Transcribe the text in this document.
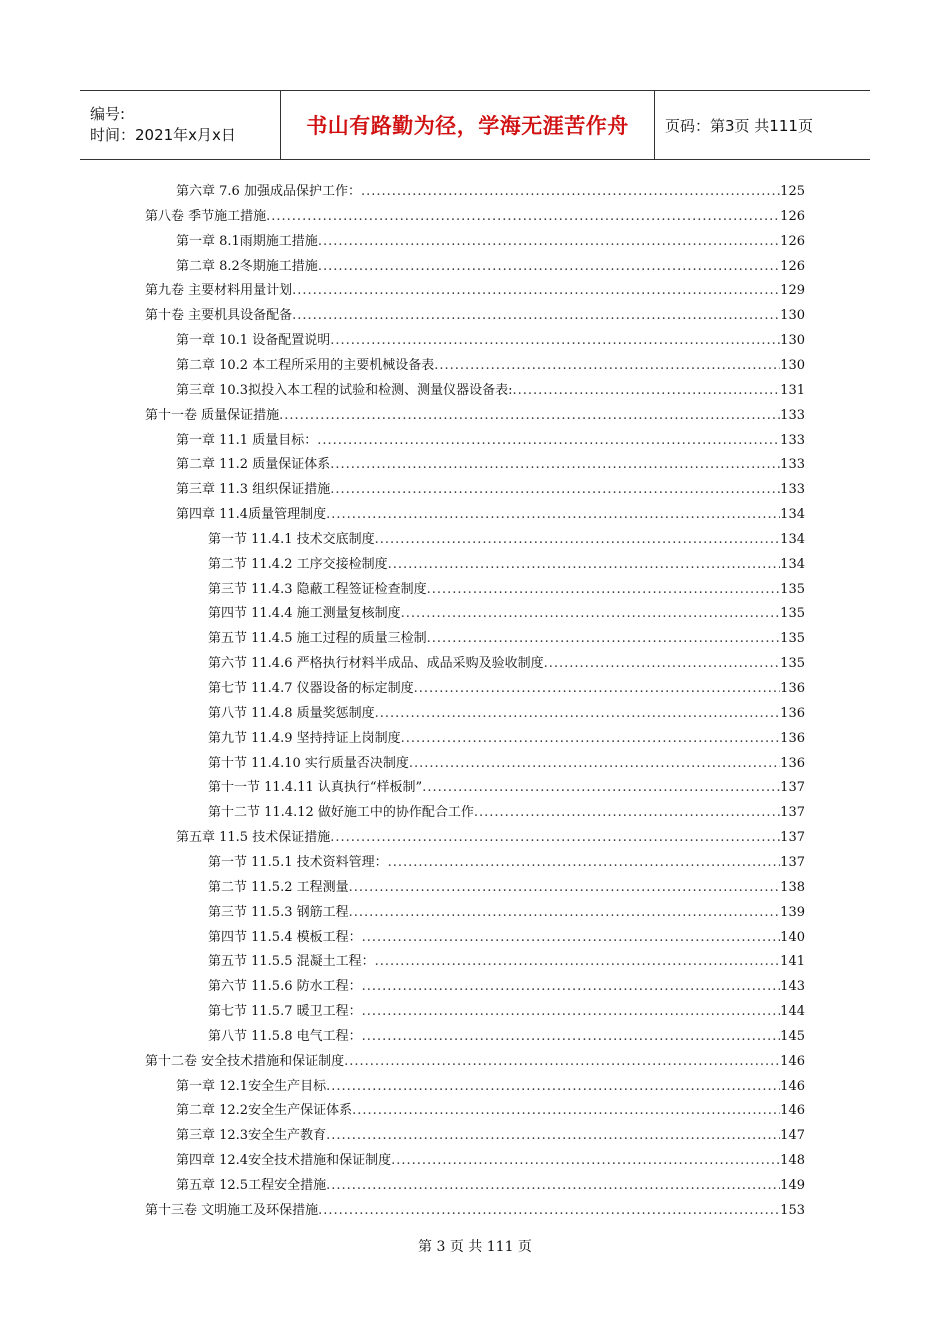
编号:
时间：2021年x月x日	书山有路勤为径，学海无涯苦作舟 页码：第3页 共111页
第六章 7.6 加强成品保护工作： .....	125
第八卷 季节施工措施 .....	126
第一章 8.1雨期施工措施 .....	126
第二章 8.2冬期施工措施 .....	126
第九卷 主要材料用量计划 .....	129
第十卷 主要机具设备配备 .....	130
第一章 10.1 设备配置说明 .....	130
第二章 10.2 本工程所采用的主要机械设备表 .....	130
第三章 10.3拟投入本工程的试验和检测、测量仪器设备表: .....	131
第十一卷 质量保证措施 .....	133
第一章 11.1 质量目标： .....	133
第二章 11.2 质量保证体系 .....	133
第三章 11.3 组织保证措施 .....	133
第四章 11.4质量管理制度 .....	134
第一节 11.4.1 技术交底制度 .....	134
第二节 11.4.2 工序交接检制度 .....	134
第三节 11.4.3 隐蔽工程签证检查制度 .....	135
第四节 11.4.4 施工测量复核制度 .....	135
第五节 11.4.5 施工过程的质量三检制 .....	135
第六节 11.4.6 严格执行材料半成品、成品采购及验收制度 .....	135
第七节 11.4.7 仪器设备的标定制度 .....	136
第八节 11.4.8 质量奖惩制度 .....	136
第九节 11.4.9 坚持持证上岗制度 .....	136
第十节 11.4.10 实行质量否决制度 .....	136
第十一节 11.4.11 认真执行“样板制” .....	137
第十二节 11.4.12 做好施工中的协作配合工作 .....	137
第五章 11.5 技术保证措施 .....	137
第一节 11.5.1 技术资料管理： .....	137
第二节 11.5.2 工程测量 .....	138
第三节 11.5.3 钢筋工程 .....	139
第四节 11.5.4 模板工程： .....	140
第五节 11.5.5 混凝土工程： .....	141
第六节 11.5.6 防水工程： .....	143
第七节 11.5.7 暖卫工程： .....	144
第八节 11.5.8 电气工程： .....	145
第十二卷 安全技术措施和保证制度 .....	146
第一章 12.1安全生产目标 .....	146
第二章 12.2安全生产保证体系 .....	146
第三章 12.3安全生产教育 .....	147
第四章 12.4安全技术措施和保证制度 .....	148
第五章 12.5工程安全措施 .....	149
第十三卷 文明施工及环保措施 .....	153
第 3 页 共 111 页
